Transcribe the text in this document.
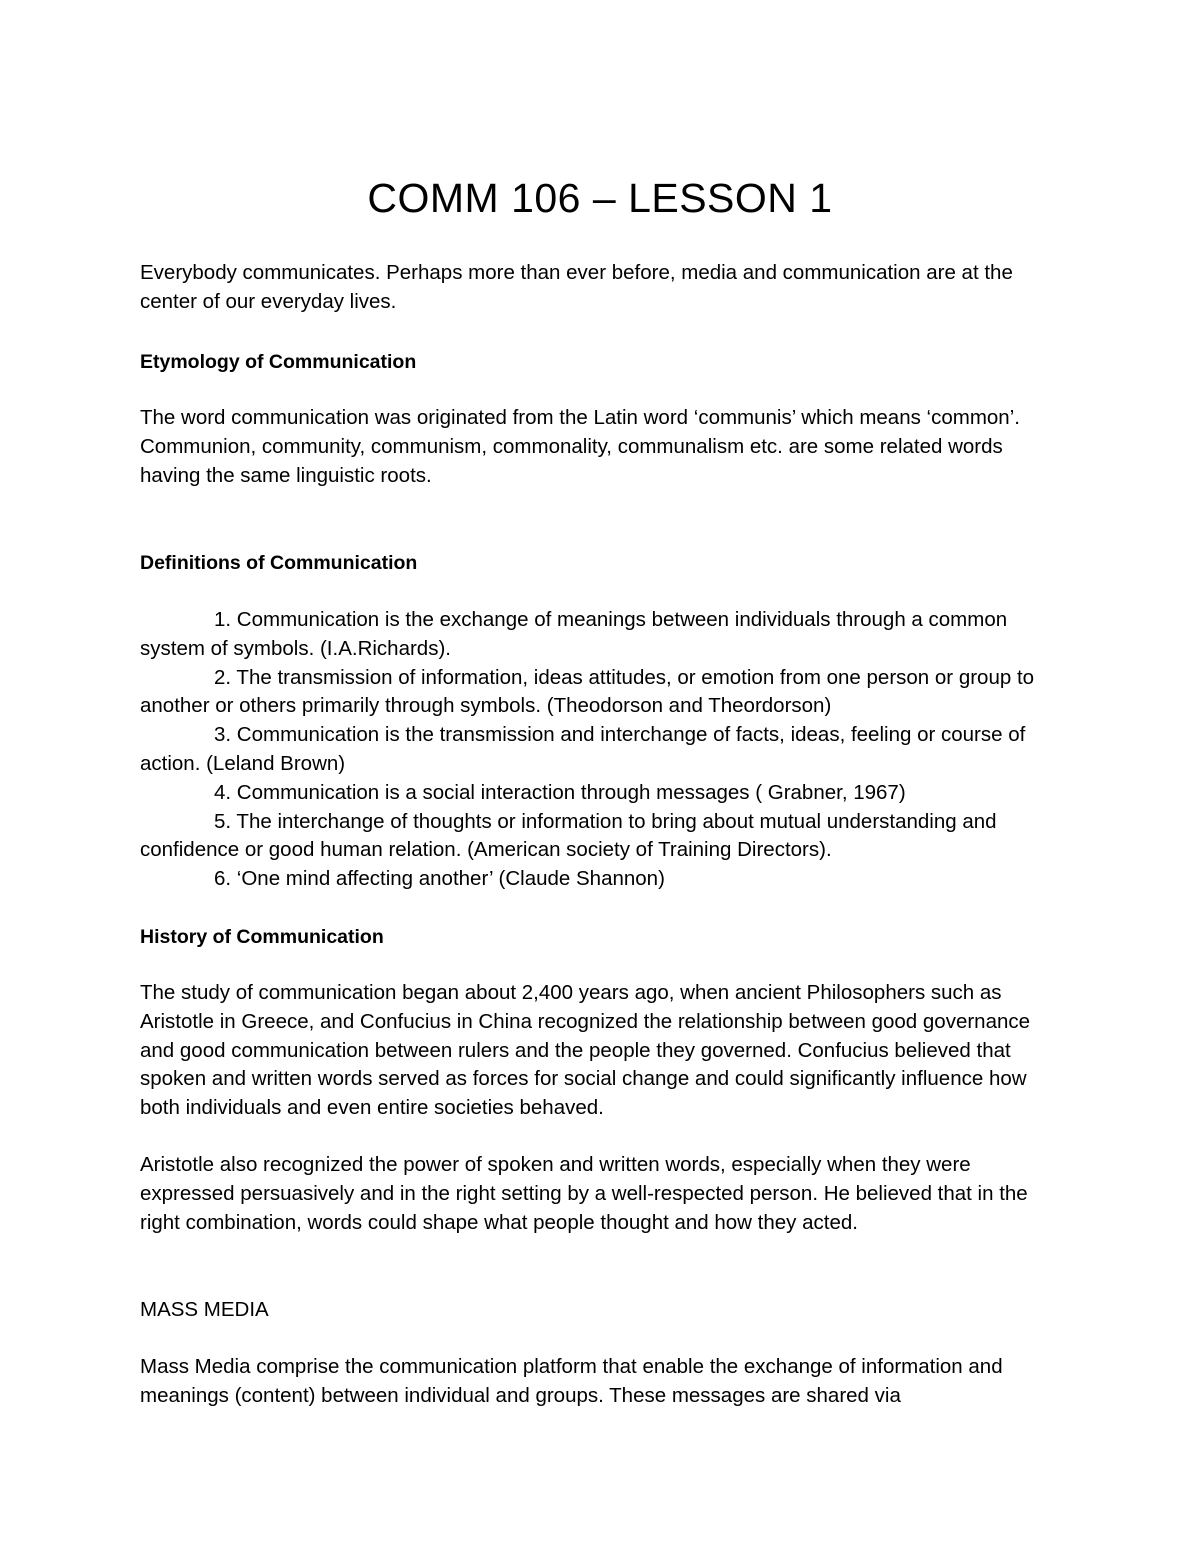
COMM 106 – LESSON 1

Everybody communicates. Perhaps more than ever before, media and communication are at the center of our everyday lives.

Etymology of Communication

The word communication was originated from the Latin word ‘communis’ which means ‘common’. Communion, community, communism, commonality, communalism etc. are some related words having the same linguistic roots.

Definitions of Communication

1. Communication is the exchange of meanings between individuals through a common system of symbols. (I.A.Richards).

2. The transmission of information, ideas attitudes, or emotion from one person or group to another or others primarily through symbols. (Theodorson and Theordorson)

3. Communication is the transmission and interchange of facts, ideas, feeling or course of action. (Leland Brown)

4. Communication is a social interaction through messages ( Grabner, 1967)

5. The interchange of thoughts or information to bring about mutual understanding and confidence or good human relation. (American society of Training Directors).

6. ‘One mind affecting another’ (Claude Shannon)

History of Communication

The study of communication began about 2,400 years ago, when ancient Philosophers such as Aristotle in Greece, and Confucius in China recognized the relationship between good governance and good communication between rulers and the people they governed. Confucius believed that spoken and written words served as forces for social change and could significantly influence how both individuals and even entire societies behaved.

Aristotle also recognized the power of spoken and written words, especially when they were expressed persuasively and in the right setting by a well-respected person. He believed that in the right combination, words could shape what people thought and how they acted.

MASS MEDIA

Mass Media comprise the communication platform that enable the exchange of information and meanings (content) between individual and groups. These messages are shared via
